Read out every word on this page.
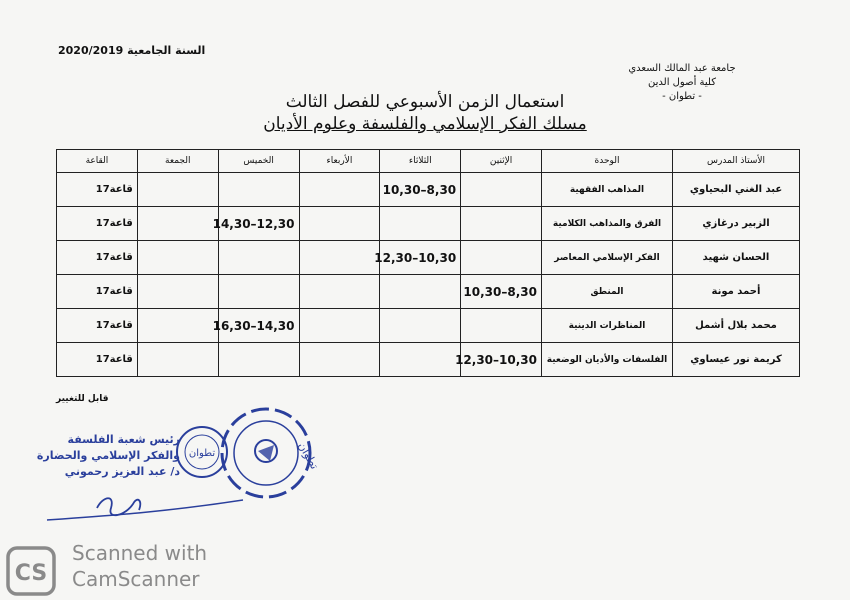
السنة الجامعية 2020/2019
جامعة عبد المالك السعدي
كلية أصول الدين
- تطوان -
استعمال الزمن الأسبوعي للفصل الثالث
مسلك الفكر الإسلامي والفلسفة وعلوم الأديان
الأستاذ المدرس	الوحدة	الإثنين	الثلاثاء	الأربعاء	الخميس	الجمعة	القاعة
عبد الغني البحياوي	المذاهب الفقهية		10,30–8,30				قاعة17
الزبير درغازي	الفرق والمذاهب الكلامية				14,30–12,30		قاعة17
الحسان شهيد	الفكر الإسلامي المعاصر		12,30–10,30				قاعة17
أحمد مونة	المنطق	10,30–8,30					قاعة17
محمد بلال أشمل	المناظرات الدينية				16,30–14,30		قاعة17
كريمة نور عيساوي	الفلسفات والأديان الوضعية	12,30–10,30					قاعة17
قابل للتغيير
رئيس شعبة الفلسفة
والفكر الإسلامي والحضارة
د/ عبد العزيز رحموني
تطوان	تطوان
CS
Scanned with
CamScanner
